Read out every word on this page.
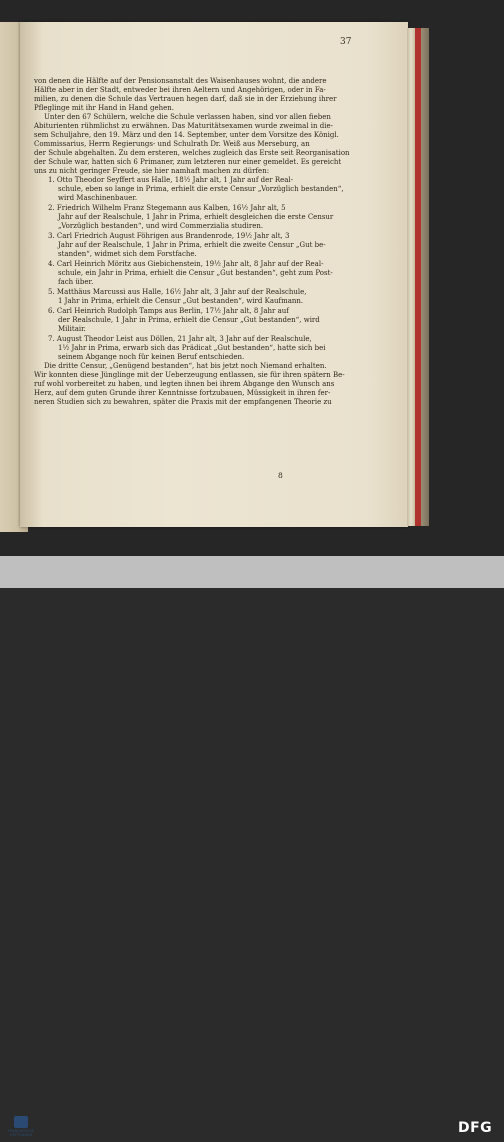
37
von denen die Hälfte auf der Pensionsanstalt des Waisenhauses wohnt, die andere
Hälfte aber in der Stadt, entweder bei ihren Aeltern und Angehörigen, oder in Fa-
milien, zu denen die Schule das Vertrauen hegen darf, daß sie in der Erziehung ihrer
Pfleglinge mit ihr Hand in Hand gehen.
Unter den 67 Schülern, welche die Schule verlassen haben, sind vor allen fieben
Abiturienten rühmlichst zu erwähnen. Das Maturitätsexamen wurde zweimal in die-
sem Schuljahre, den 19. März und den 14. September, unter dem Vorsitze des Königl.
Commissarius, Herrn Regierungs- und Schulrath Dr. Weiß aus Merseburg, an
der Schule abgehalten. Zu dem ersteren, welches zugleich das Erste seit Reorganisation
der Schule war, hatten sich 6 Primaner, zum letzteren nur einer gemeldet. Es gereicht
uns zu nicht geringer Freude, sie hier namhaft machen zu dürfen:
1. Otto Theodor Seyffert aus Halle, 18½ Jahr alt, 1 Jahr auf der Real-
schule, eben so lange in Prima, erhielt die erste Censur „Vorzüglich bestanden“,
wird Maschinenbauer.
2. Friedrich Wilhelm Franz Stegemann aus Kalben, 16½ Jahr alt, 5
Jahr auf der Realschule, 1 Jahr in Prima, erhielt desgleichen die erste Censur
„Vorzüglich bestanden“, und wird Commerzialia studiren.
3. Carl Friedrich August Föhrigen aus Brandenrode, 19½ Jahr alt, 3
Jahr auf der Realschule, 1 Jahr in Prima, erhielt die zweite Censur „Gut be-
standen“, widmet sich dem Forstfache.
4. Carl Heinrich Möritz aus Giebichenstein, 19½ Jahr alt, 8 Jahr auf der Real-
schule, ein Jahr in Prima, erhielt die Censur „Gut bestanden“, geht zum Post-
fach über.
5. Matthäus Marcussi aus Halle, 16½ Jahr alt, 3 Jahr auf der Realschule,
1 Jahr in Prima, erhielt die Censur „Gut bestanden“, wird Kaufmann.
6. Carl Heinrich Rudolph Tamps aus Berlin, 17½ Jahr alt, 8 Jahr auf
der Realschule, 1 Jahr in Prima, erhielt die Censur „Gut bestanden“, wird
Militair.
7. August Theodor Leist aus Döllen, 21 Jahr alt, 3 Jahr auf der Realschule,
1½ Jahr in Prima, erwarb sich das Prädicat „Gut bestanden“, hatte sich bei
seinem Abgange noch für keinen Beruf entschieden.
Die dritte Censur, „Genügend bestanden“, hat bis jetzt noch Niemand erhalten.
Wir konnten diese Jünglinge mit der Ueberzeugung entlassen, sie für ihren spätern Be-
ruf wohl vorbereitet zu haben, und legten ihnen bei ihrem Abgange den Wunsch ans
Herz, auf dem guten Grunde ihrer Kenntnisse fortzubauen, Müssigkeit in ihren fer-
neren Studien sich zu bewahren, später die Praxis mit der empfangenen Theorie zu
8
FRANCKESCHE STIFTUNGEN	DFG
